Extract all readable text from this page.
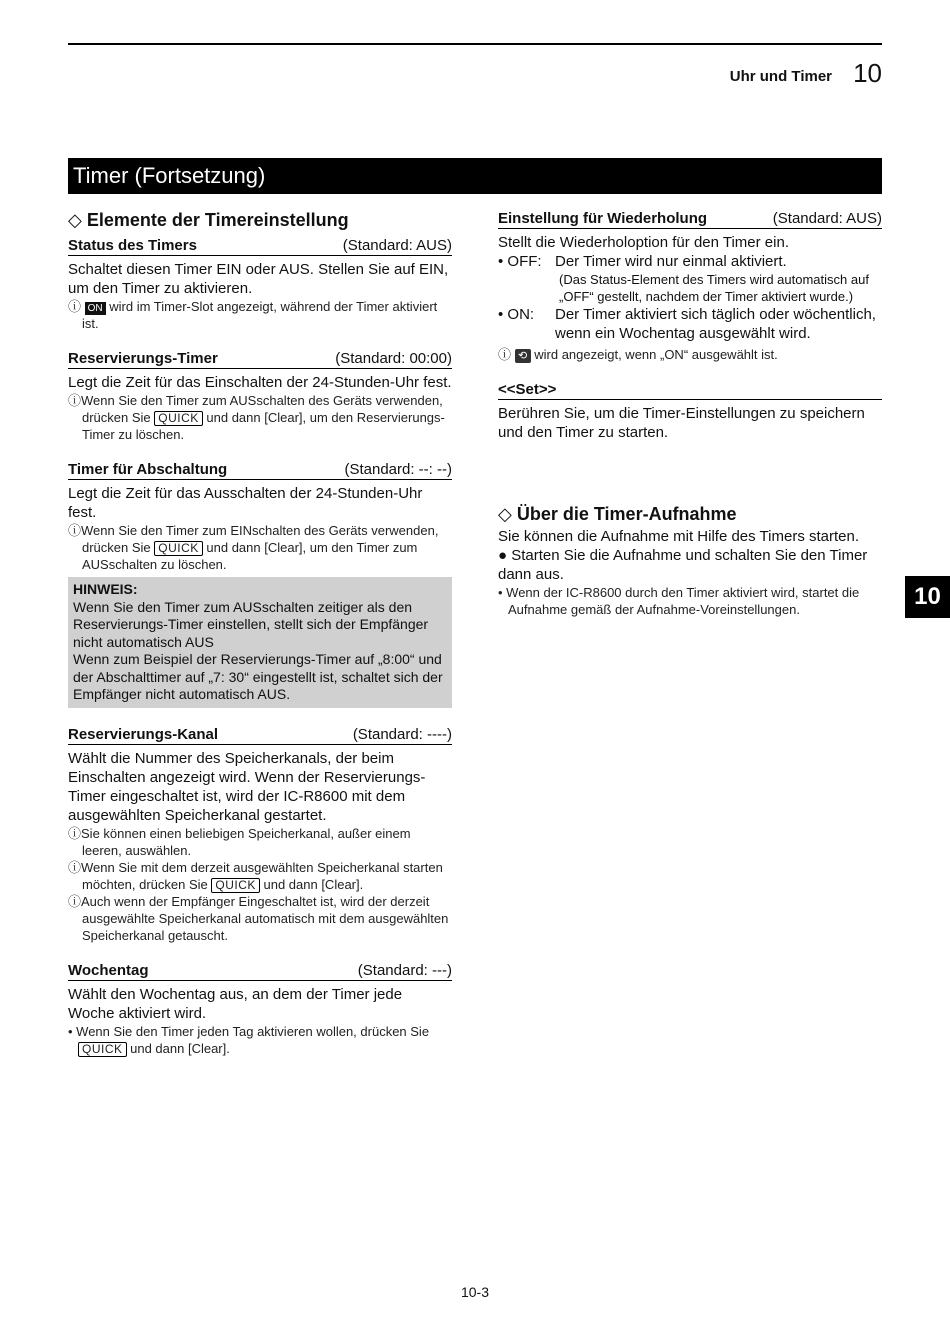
Uhr und Timer 10
Timer (Fortsetzung)
◇ Elemente der Timereinstellung
Status des Timers	(Standard: AUS)

Schaltet diesen Timer EIN oder AUS. Stellen Sie auf EIN, um den Timer zu aktivieren.

ⓘ ON wird im Timer-Slot angezeigt, während der Timer aktiviert ist.

Reservierungs-Timer	(Standard: 00:00)

Legt die Zeit für das Einschalten der 24-Stunden-Uhr fest.

ⓘWenn Sie den Timer zum AUSschalten des Geräts verwenden, drücken Sie QUICK und dann [Clear], um den Reservierungs-Timer zu löschen.

Timer für Abschaltung	(Standard: --: --)

Legt die Zeit für das Ausschalten der 24-Stunden-Uhr fest.

ⓘWenn Sie den Timer zum EINschalten des Geräts verwenden, drücken Sie QUICK und dann [Clear], um den Timer zum AUSschalten zu löschen.

HINWEIS:
Wenn Sie den Timer zum AUSschalten zeitiger als den Reservierungs-Timer einstellen, stellt sich der Empfänger nicht automatisch AUS
Wenn zum Beispiel der Reservierungs-Timer auf „8:00“ und der Abschalttimer auf „7: 30“ eingestellt ist, schaltet sich der Empfänger nicht automatisch AUS.
Reservierungs-Kanal	(Standard: ----)

Wählt die Nummer des Speicherkanals, der beim Einschalten angezeigt wird. Wenn der Reservierungs-Timer eingeschaltet ist, wird der IC-R8600 mit dem ausgewählten Speicherkanal gestartet.

ⓘSie können einen beliebigen Speicherkanal, außer einem leeren, auswählen.

ⓘWenn Sie mit dem derzeit ausgewählten Speicherkanal starten möchten, drücken Sie QUICK und dann [Clear].

ⓘAuch wenn der Empfänger Eingeschaltet ist, wird der derzeit ausgewählte Speicherkanal automatisch mit dem ausgewählten Speicherkanal getauscht.

Wochentag	(Standard: ---)

Wählt den Wochentag aus, an dem der Timer jede Woche aktiviert wird.

• Wenn Sie den Timer jeden Tag aktivieren wollen, drücken Sie QUICK und dann [Clear].

Einstellung für Wiederholung	(Standard: AUS)

Stellt die Wiederholoption für den Timer ein.

• OFF: Der Timer wird nur einmal aktiviert.
(Das Status-Element des Timers wird automatisch auf „OFF“ gestellt, nachdem der Timer aktiviert wurde.)
• ON:	Der Timer aktiviert sich täglich oder wöchentlich, wenn ein Wochentag ausgewählt wird.

ⓘ ⟲ wird angezeigt, wenn „ON“ ausgewählt ist.

<<Set>>

Berühren Sie, um die Timer-Einstellungen zu speichern und den Timer zu starten.

◇ Über die Timer-Aufnahme

Sie können die Aufnahme mit Hilfe des Timers starten.

● Starten Sie die Aufnahme und schalten Sie den Timer dann aus.

• Wenn der IC-R8600 durch den Timer aktiviert wird, startet die Aufnahme gemäß der Aufnahme-Voreinstellungen.	10
10-3
